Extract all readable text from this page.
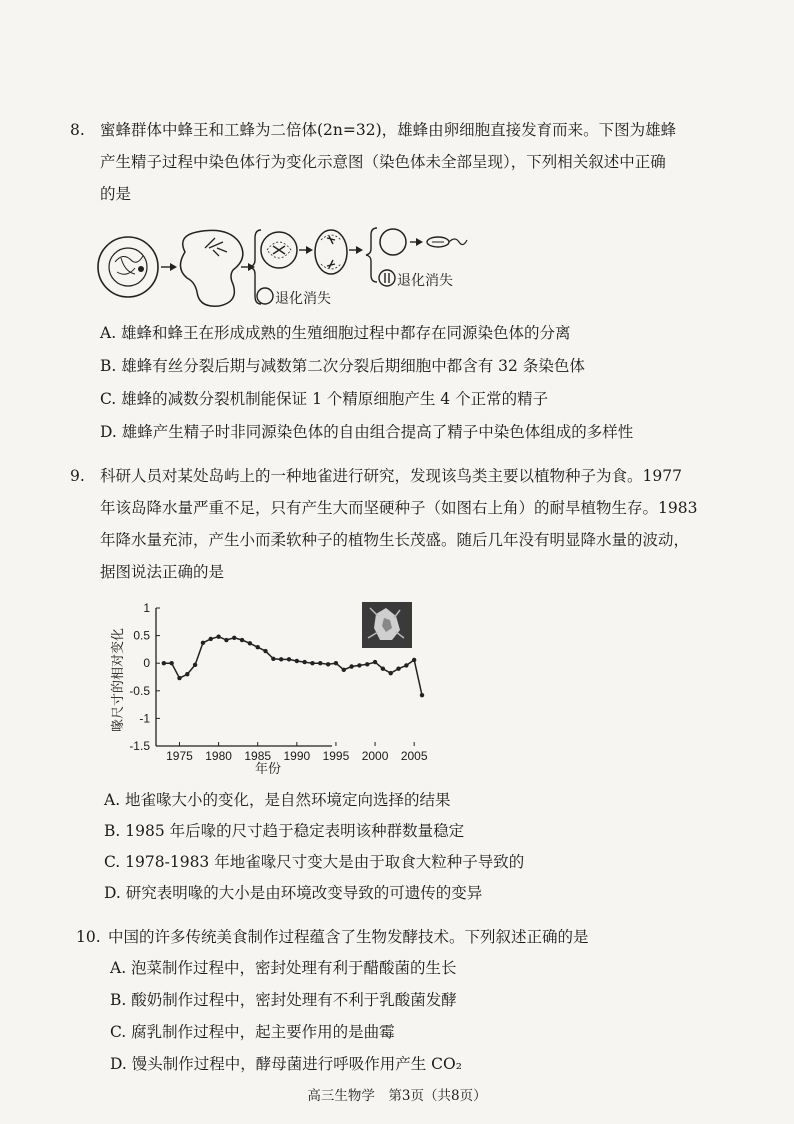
8. 蜜蜂群体中蜂王和工蜂为二倍体(2n=32)，雄蜂由卵细胞直接发育而来。下图为雄蜂
产生精子过程中染色体行为变化示意图（染色体未全部呈现），下列相关叙述中正确
的是
退化消失
退化消失
A. 雄蜂和蜂王在形成成熟的生殖细胞过程中都存在同源染色体的分离
B. 雄蜂有丝分裂后期与减数第二次分裂后期细胞中都含有 32 条染色体
C. 雄蜂的减数分裂机制能保证 1 个精原细胞产生 4 个正常的精子
D. 雄蜂产生精子时非同源染色体的自由组合提高了精子中染色体组成的多样性
9. 科研人员对某处岛屿上的一种地雀进行研究，发现该鸟类主要以植物种子为食。1977
年该岛降水量严重不足，只有产生大而坚硬种子（如图右上角）的耐旱植物生存。1983
年降水量充沛，产生小而柔软种子的植物生长茂盛。随后几年没有明显降水量的波动，
据图说法正确的是
1
0.5
0
-0.5
-1
-1.5
1975 1980 1985 1990 1995 2000 2005
喙尺寸的相对变化
年份
A. 地雀喙大小的变化，是自然环境定向选择的结果
B. 1985 年后喙的尺寸趋于稳定表明该种群数量稳定
C. 1978-1983 年地雀喙尺寸变大是由于取食大粒种子导致的
D. 研究表明喙的大小是由环境改变导致的可遗传的变异
10. 中国的许多传统美食制作过程蕴含了生物发酵技术。下列叙述正确的是
A. 泡菜制作过程中，密封处理有利于醋酸菌的生长
B. 酸奶制作过程中，密封处理有不利于乳酸菌发酵
C. 腐乳制作过程中，起主要作用的是曲霉
D. 馒头制作过程中，酵母菌进行呼吸作用产生 CO₂
高三生物学　第3页（共8页）
